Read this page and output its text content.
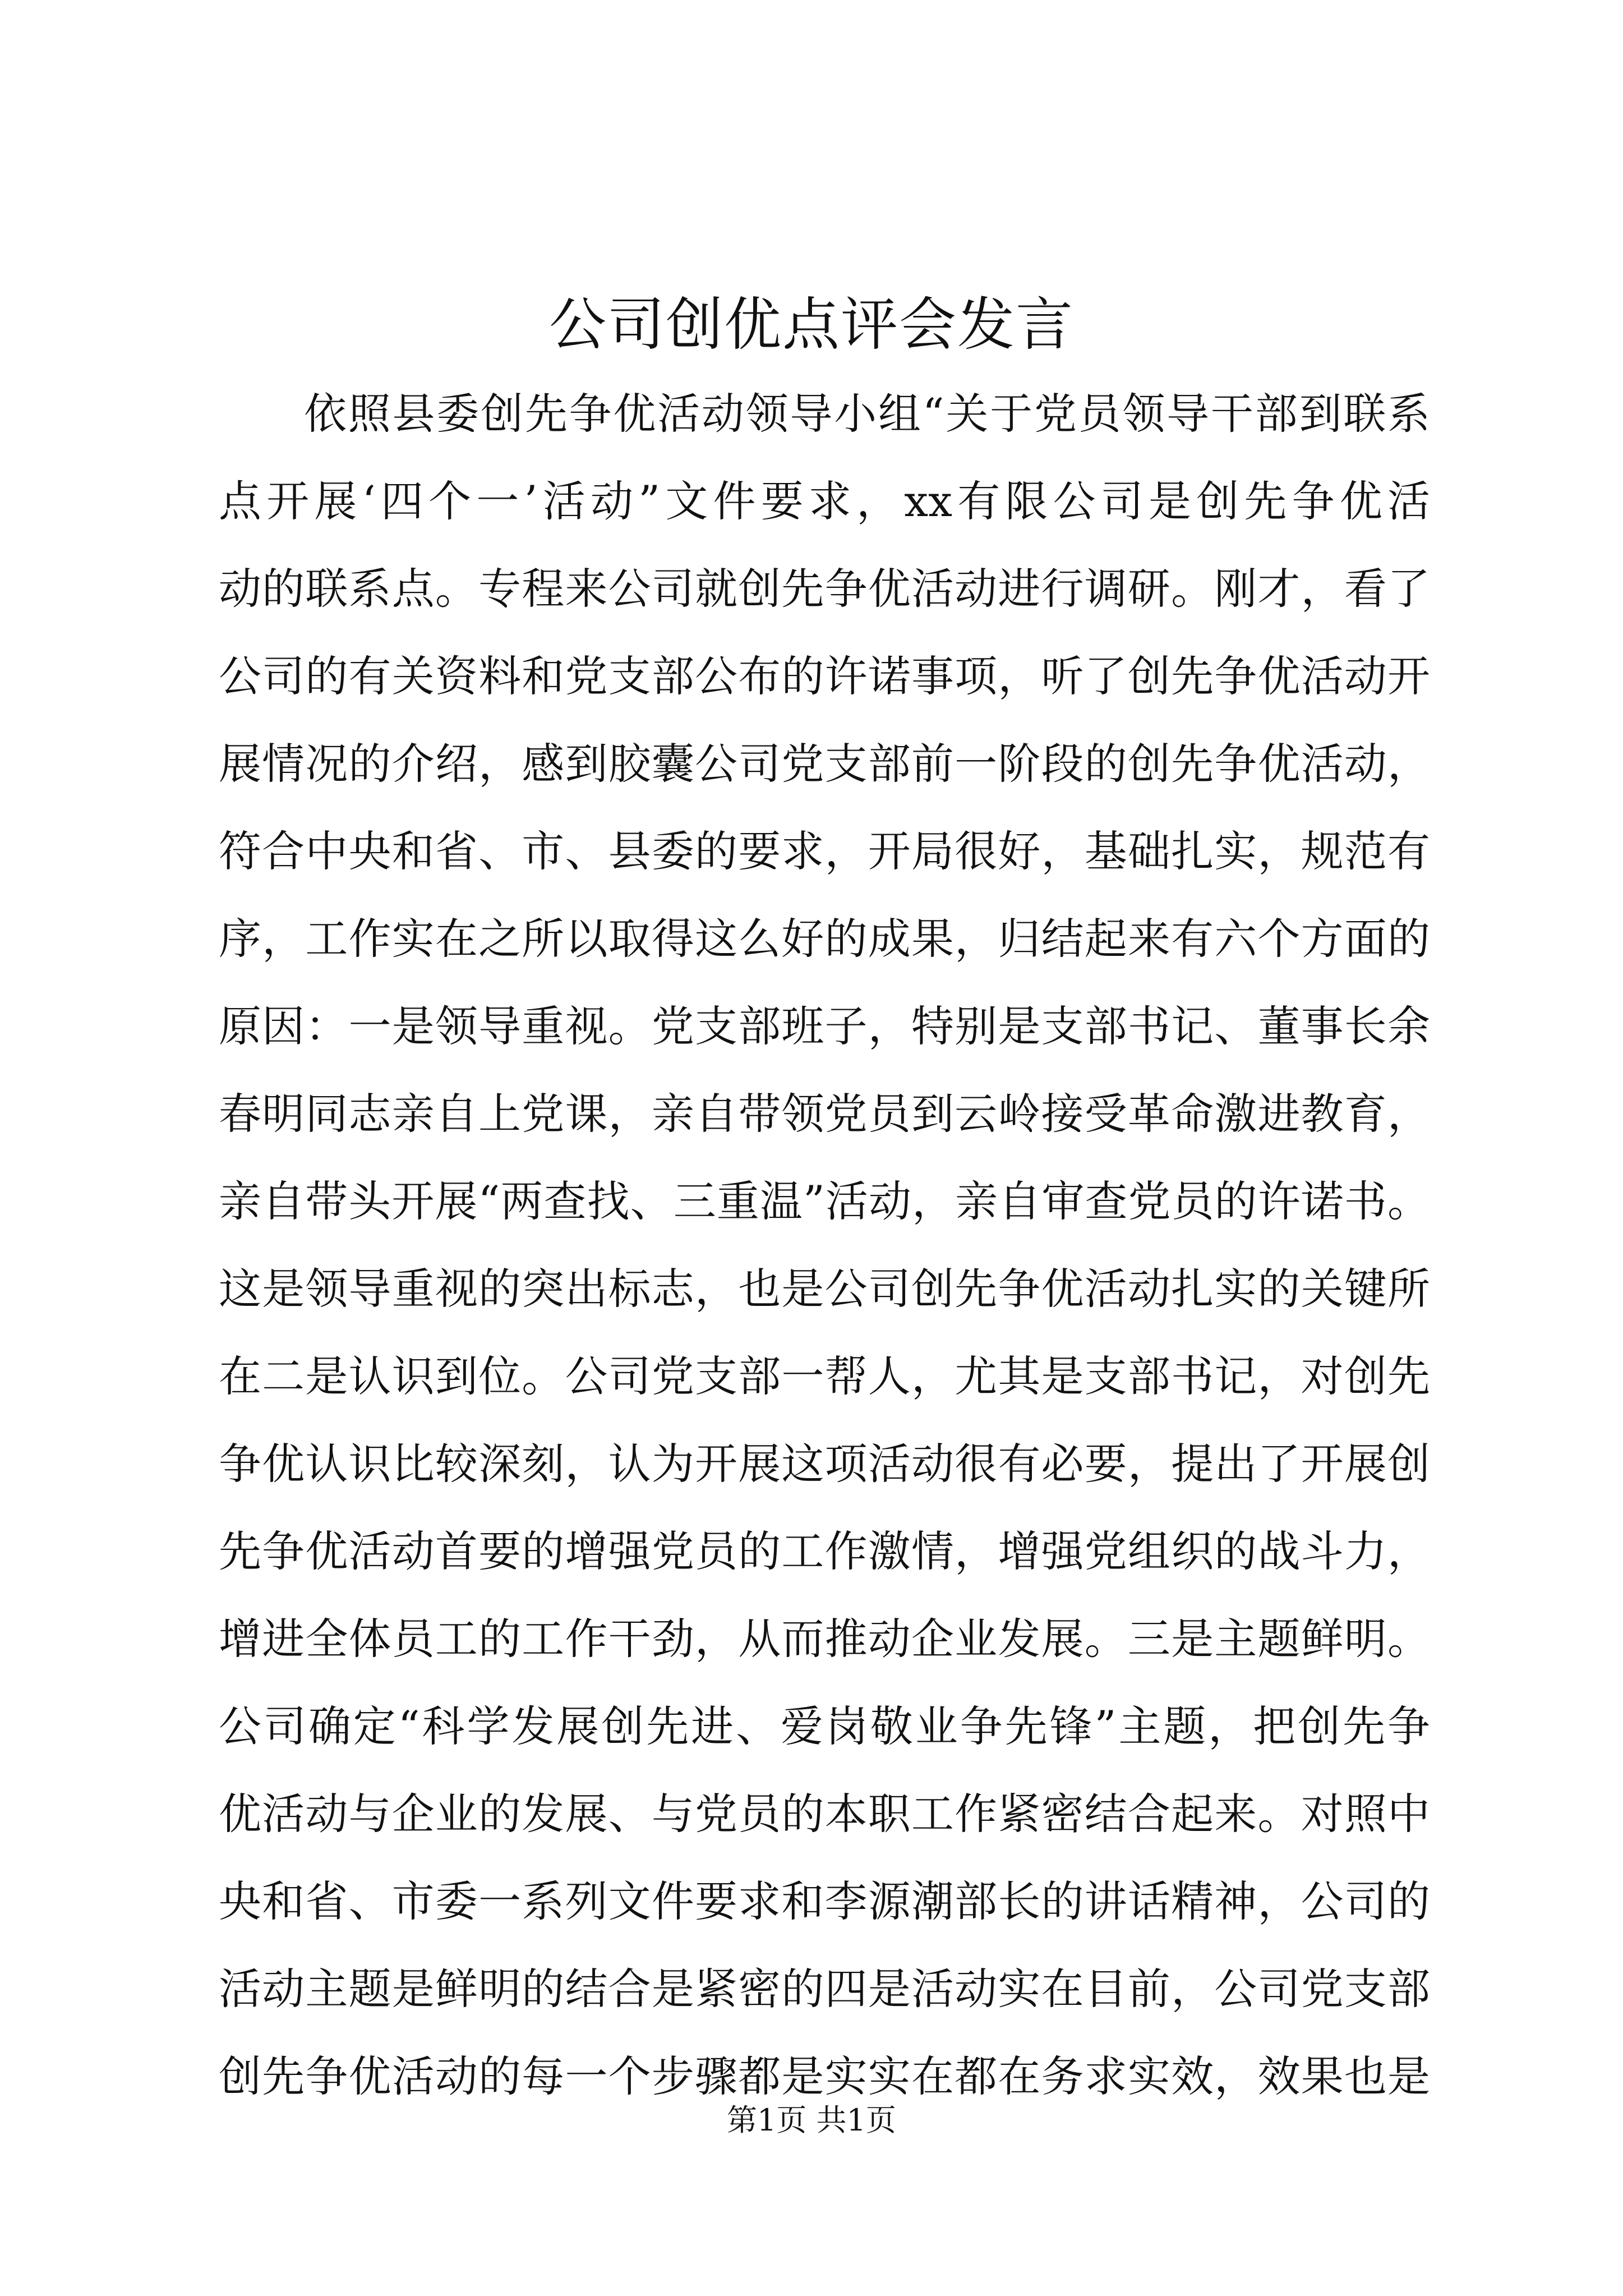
公司创优点评会发言
依照县委创先争优活动领导小组“关于党员领导干部到联系
点开展‘四个一’活动”文件要求，xx有限公司是创先争优活
动的联系点。专程来公司就创先争优活动进行调研。刚才，看了
公司的有关资料和党支部公布的许诺事项，听了创先争优活动开
展情况的介绍，感到胶囊公司党支部前一阶段的创先争优活动，
符合中央和省、市、县委的要求，开局很好，基础扎实，规范有
序，工作实在之所以取得这么好的成果，归结起来有六个方面的
原因：一是领导重视。党支部班子，特别是支部书记、董事长余
春明同志亲自上党课，亲自带领党员到云岭接受革命激进教育，
亲自带头开展“两查找、三重温”活动，亲自审查党员的许诺书。
这是领导重视的突出标志，也是公司创先争优活动扎实的关键所
在二是认识到位。公司党支部一帮人，尤其是支部书记，对创先
争优认识比较深刻，认为开展这项活动很有必要，提出了开展创
先争优活动首要的增强党员的工作激情，增强党组织的战斗力，
增进全体员工的工作干劲，从而推动企业发展。三是主题鲜明。
公司确定“科学发展创先进、爱岗敬业争先锋”主题，把创先争
优活动与企业的发展、与党员的本职工作紧密结合起来。对照中
央和省、市委一系列文件要求和李源潮部长的讲话精神，公司的
活动主题是鲜明的结合是紧密的四是活动实在目前，公司党支部
创先争优活动的每一个步骤都是实实在都在务求实效，效果也是
第1页 共1页
